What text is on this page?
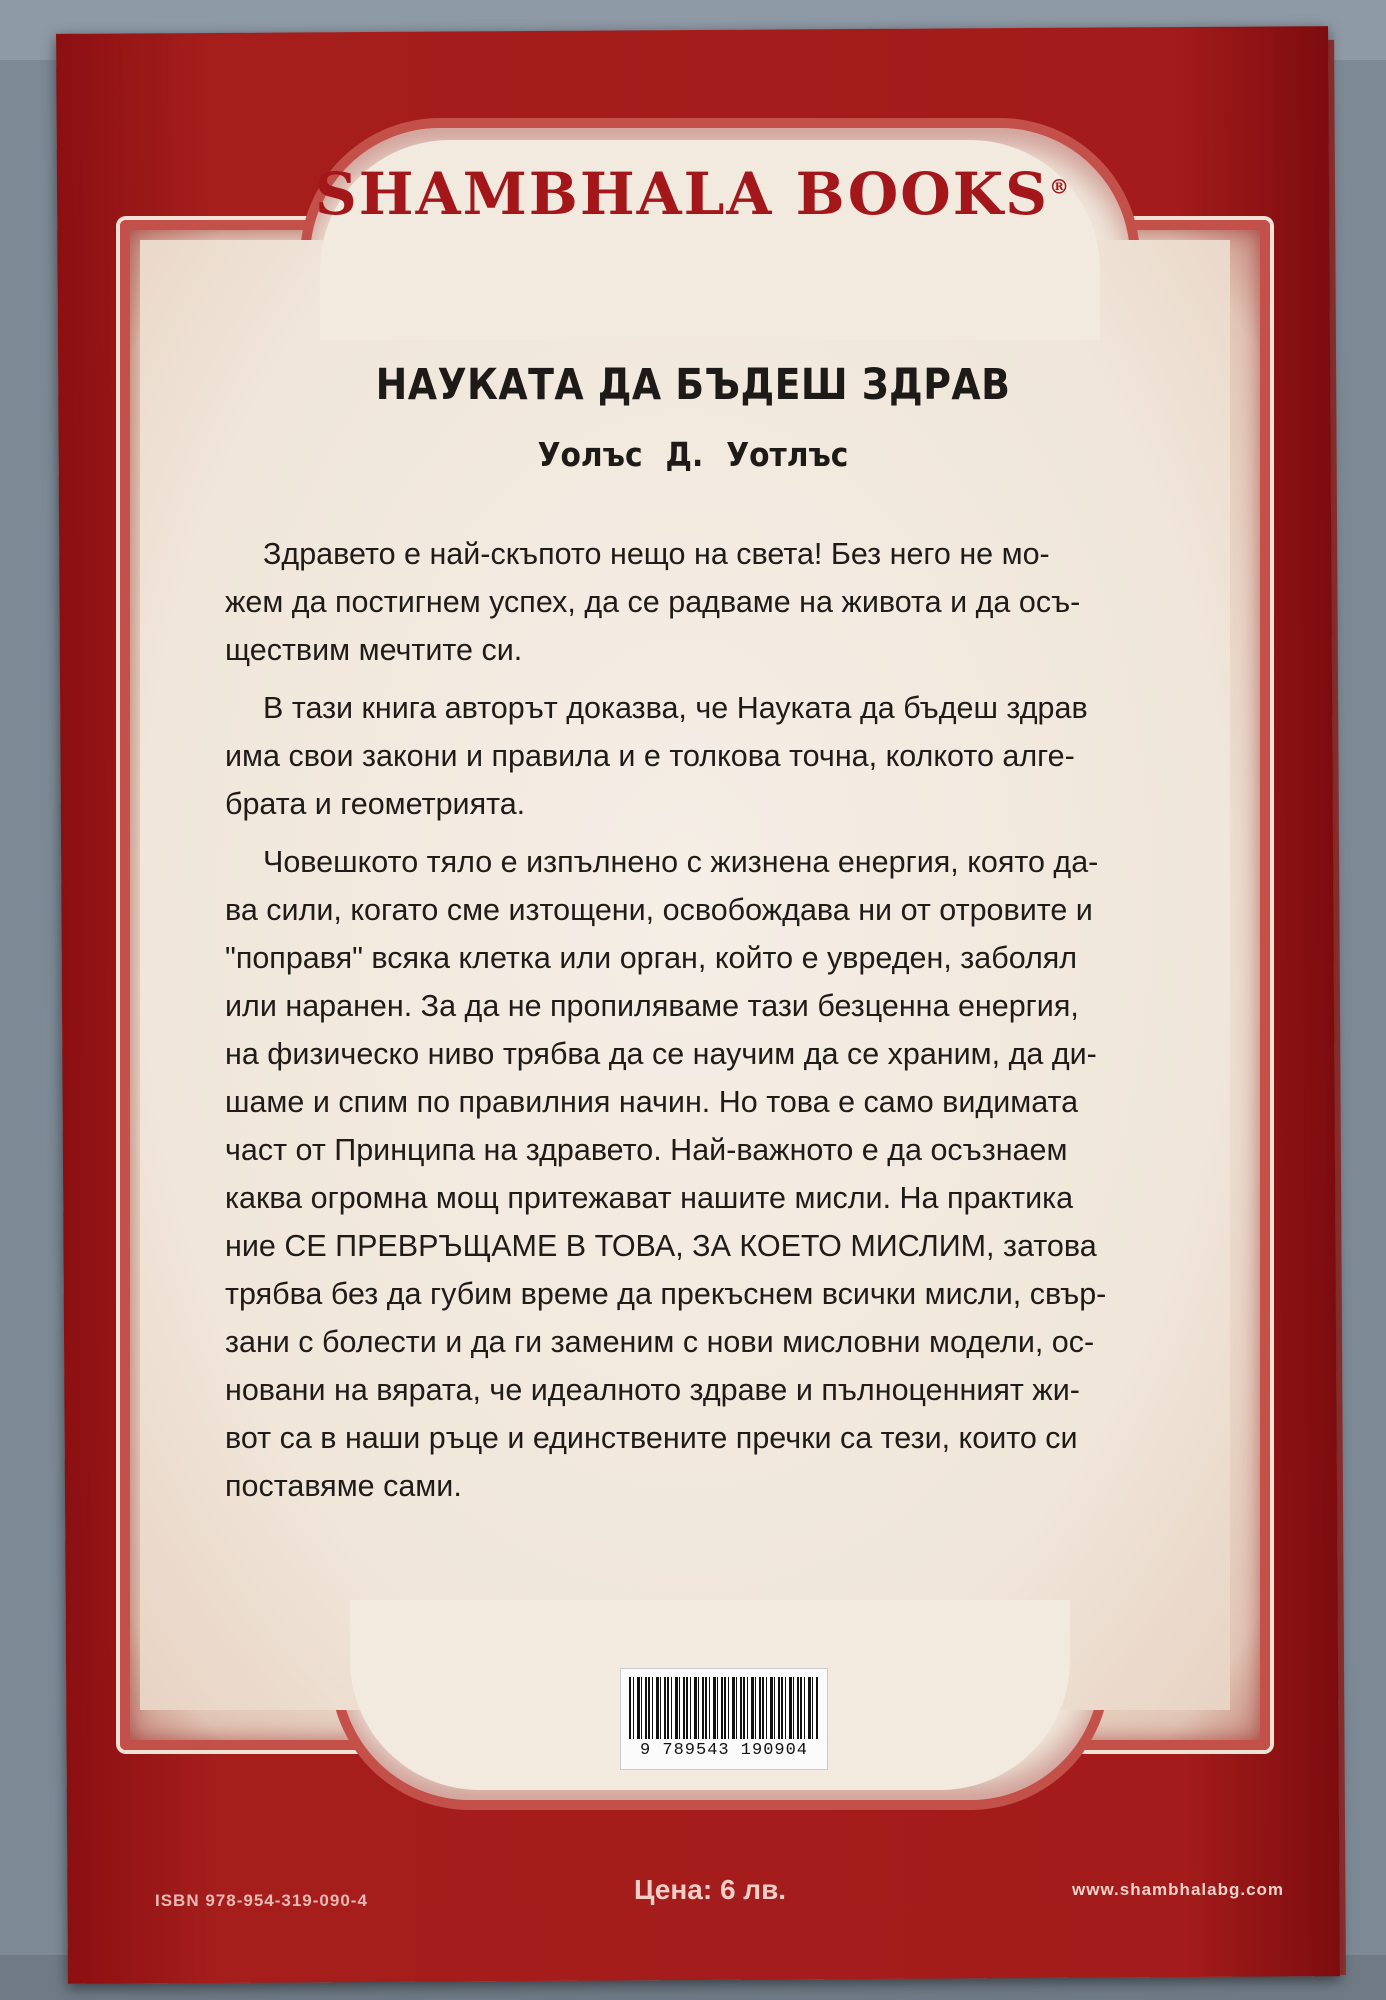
SHAMBHALA BOOKS®
НАУКАТА ДА БЪДЕШ ЗДРАВ
Уолъс Д. Уотлъс

Здравето е най-скъпото нещо на света! Без него не мо-
жем да постигнем успех, да се радваме на живота и да осъ-
ществим мечтите си.

В тази книга авторът доказва, че Науката да бъдеш здрав
има свои закони и правила и е толкова точна, колкото алге-
брата и геометрията.

Човешкото тяло е изпълнено с жизнена енергия, която да-
ва сили, когато сме изтощени, освобождава ни от отровите и
"поправя" всяка клетка или орган, който е увреден, заболял
или наранен. За да не пропиляваме тази безценна енергия,
на физическо ниво трябва да се научим да се храним, да ди-
шаме и спим по правилния начин. Но това е само видимата
част от Принципа на здравето. Най-важното е да осъзнаем
каква огромна мощ притежават нашите мисли. На практика
ние СЕ ПРЕВРЪЩАМЕ В ТОВА, ЗА КОЕТО МИСЛИМ, затова
трябва без да губим време да прекъснем всички мисли, свър-
зани с болести и да ги заменим с нови мисловни модели, ос-
новани на вярата, че идеалното здраве и пълноценният жи-
вот са в наши ръце и единствените пречки са тези, които си
поставяме сами.

9 789543 190904
ISBN 978-954-319-090-4	Цена: 6 лв.	www.shambhalabg.com
